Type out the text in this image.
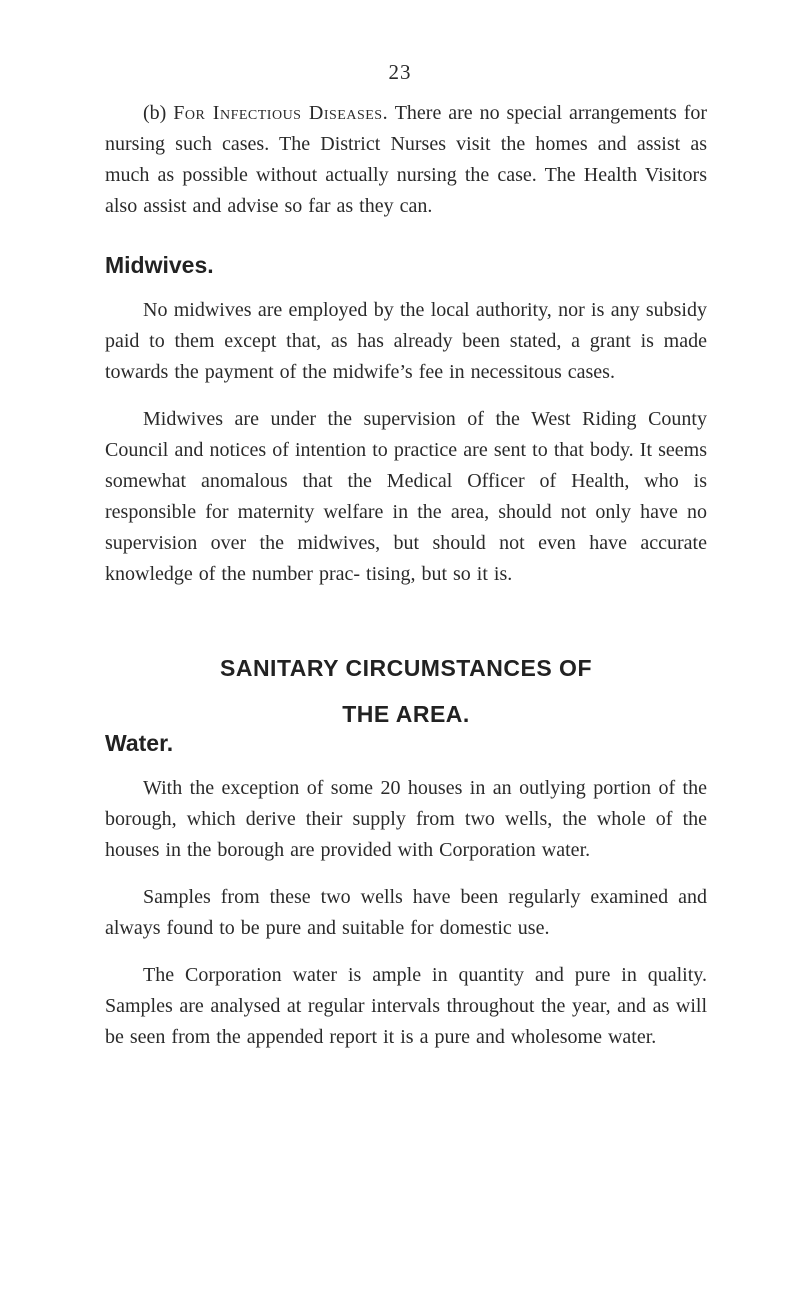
23

(b) For Infectious Diseases. There are no special arrangements for nursing such cases. The District Nurses visit the homes and assist as much as possible without actually nursing the case. The Health Visitors also assist and advise so far as they can.

Midwives.

No midwives are employed by the local authority, nor is any subsidy paid to them except that, as has already been stated, a grant is made towards the payment of the midwife’s fee in necessitous cases.

Midwives are under the supervision of the West Riding County Council and notices of intention to practice are sent to that body. It seems somewhat anomalous that the Medical Officer of Health, who is responsible for maternity welfare in the area, should not only have no supervision over the midwives, but should not even have accurate knowledge of the number prac- tising, but so it is.

SANITARY CIRCUMSTANCES OF
THE AREA.
Water.

With the exception of some 20 houses in an outlying portion of the borough, which derive their supply from two wells, the whole of the houses in the borough are provided with Corporation water.

Samples from these two wells have been regularly examined and always found to be pure and suitable for domestic use.

The Corporation water is ample in quantity and pure in quality. Samples are analysed at regular intervals throughout the year, and as will be seen from the appended report it is a pure and wholesome water.
